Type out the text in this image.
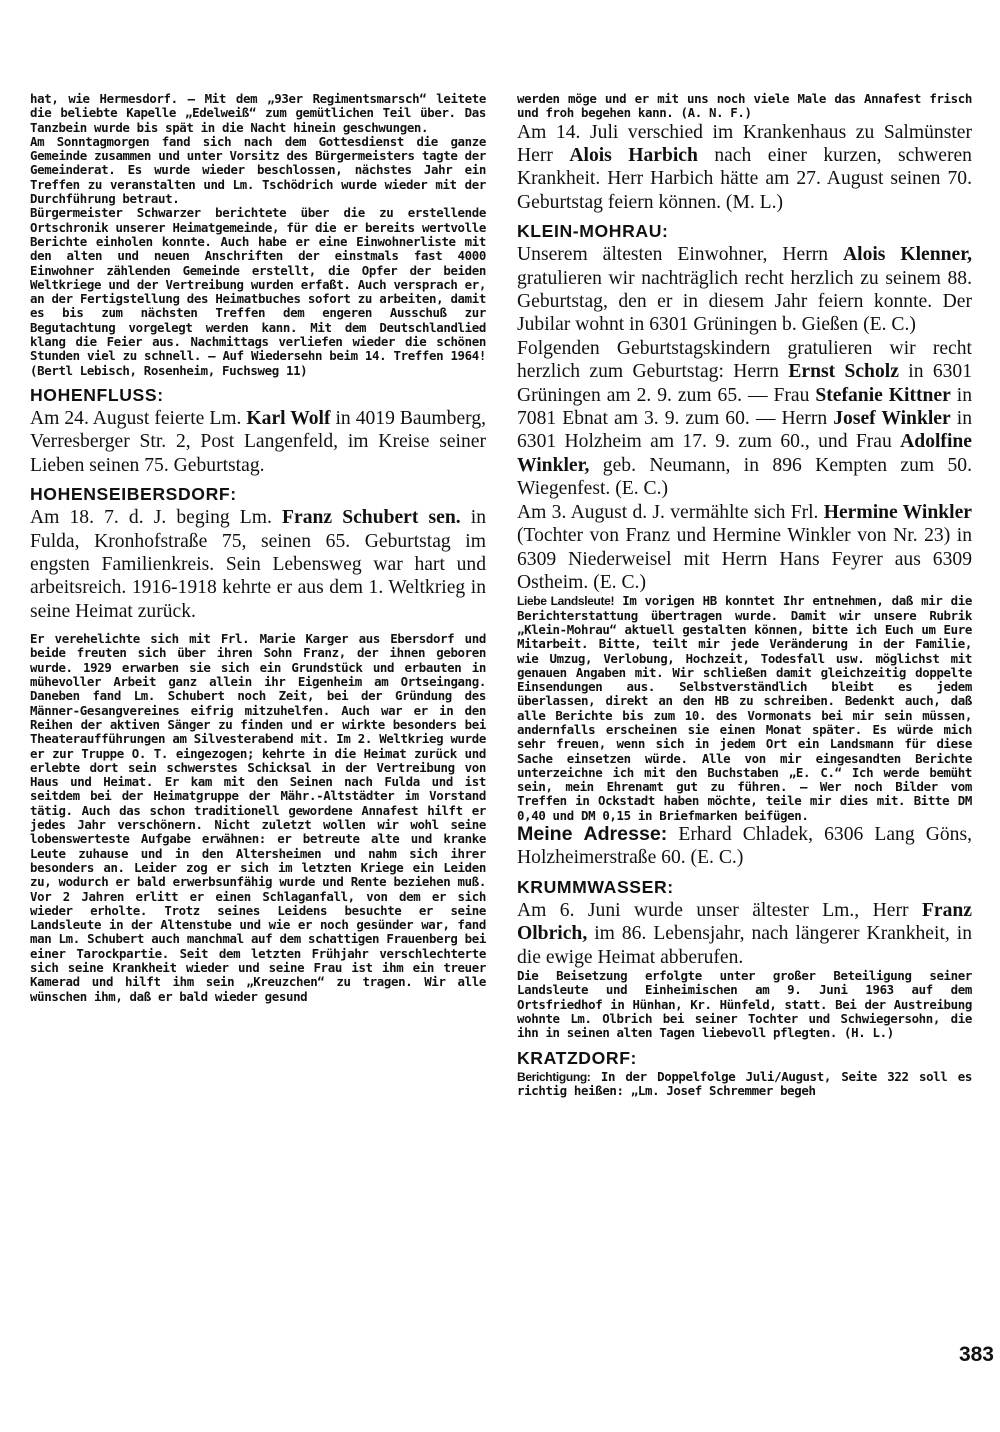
hat, wie Hermesdorf. — Mit dem „93er Regimentsmarsch“ leitete die beliebte Kapelle „Edelweiß“ zum gemütlichen Teil über. Das Tanzbein wurde bis spät in die Nacht hinein geschwungen.

Am Sonntagmorgen fand sich nach dem Gottesdienst die ganze Gemeinde zusammen und unter Vorsitz des Bürgermeisters tagte der Gemeinderat. Es wurde wieder beschlossen, nächstes Jahr ein Treffen zu veranstalten und Lm. Tschödrich wurde wieder mit der Durchführung betraut.

Bürgermeister Schwarzer berichtete über die zu erstellende Ortschronik unserer Heimatgemeinde, für die er bereits wertvolle Berichte einholen konnte. Auch habe er eine Einwohnerliste mit den alten und neuen Anschriften der einstmals fast 4000 Einwohner zählenden Gemeinde erstellt, die Opfer der beiden Weltkriege und der Vertreibung wurden erfaßt. Auch versprach er, an der Fertigstellung des Heimatbuches sofort zu arbeiten, damit es bis zum nächsten Treffen dem engeren Ausschuß zur Begutachtung vorgelegt werden kann. Mit dem Deutschlandlied klang die Feier aus. Nachmittags verliefen wieder die schönen Stunden viel zu schnell. — Auf Wiedersehn beim 14. Treffen 1964! (Bertl Lebisch, Rosenheim, Fuchsweg 11)

HOHENFLUSS:

Am 24. August feierte Lm. Karl Wolf in 4019 Baumberg, Verresberger Str. 2, Post Langenfeld, im Kreise seiner Lieben seinen 75. Geburtstag.

HOHENSEIBERSDORF:

Am 18. 7. d. J. beging Lm. Franz Schubert sen. in Fulda, Kronhofstraße 75, seinen 65. Geburtstag im engsten Familienkreis. Sein Lebensweg war hart und arbeitsreich. 1916-1918 kehrte er aus dem 1. Weltkrieg in seine Heimat zurück.

Er verehelichte sich mit Frl. Marie Karger aus Ebersdorf und beide freuten sich über ihren Sohn Franz, der ihnen geboren wurde. 1929 erwarben sie sich ein Grundstück und erbauten in mühevoller Arbeit ganz allein ihr Eigenheim am Ortseingang. Daneben fand Lm. Schubert noch Zeit, bei der Gründung des Männer-Gesangvereines eifrig mitzuhelfen. Auch war er in den Reihen der aktiven Sänger zu finden und er wirkte besonders bei Theateraufführungen am Silvesterabend mit. Im 2. Weltkrieg wurde er zur Truppe O. T. eingezogen; kehrte in die Heimat zurück und erlebte dort sein schwerstes Schicksal in der Vertreibung von Haus und Heimat. Er kam mit den Seinen nach Fulda und ist seitdem bei der Heimatgruppe der Mähr.-Altstädter im Vorstand tätig. Auch das schon traditionell gewordene Annafest hilft er jedes Jahr verschönern. Nicht zuletzt wollen wir wohl seine lobenswerteste Aufgabe erwähnen: er betreute alte und kranke Leute zuhause und in den Altersheimen und nahm sich ihrer besonders an. Leider zog er sich im letzten Kriege ein Leiden zu, wodurch er bald erwerbsunfähig wurde und Rente beziehen muß. Vor 2 Jahren erlitt er einen Schlaganfall, von dem er sich wieder erholte. Trotz seines Leidens besuchte er seine Landsleute in der Altenstube und wie er noch gesünder war, fand man Lm. Schubert auch manchmal auf dem schattigen Frauenberg bei einer Tarockpartie. Seit dem letzten Frühjahr verschlechterte sich seine Krankheit wieder und seine Frau ist ihm ein treuer Kamerad und hilft ihm sein „Kreuzchen“ zu tragen. Wir alle wünschen ihm, daß er bald wieder gesund

werden möge und er mit uns noch viele Male das Annafest frisch und froh begehen kann. (A. N. F.)

Am 14. Juli verschied im Krankenhaus zu Salmünster Herr Alois Harbich nach einer kurzen, schweren Krankheit. Herr Harbich hätte am 27. August seinen 70. Geburtstag feiern können. (M. L.)

KLEIN-MOHRAU:

Unserem ältesten Einwohner, Herrn Alois Klenner, gratulieren wir nachträglich recht herzlich zu seinem 88. Geburtstag, den er in diesem Jahr feiern konnte. Der Jubilar wohnt in 6301 Grüningen b. Gießen (E. C.)

Folgenden Geburtstagskindern gratulieren wir recht herzlich zum Geburtstag: Herrn Ernst Scholz in 6301 Grüningen am 2. 9. zum 65. — Frau Stefanie Kittner in 7081 Ebnat am 3. 9. zum 60. — Herrn Josef Winkler in 6301 Holzheim am 17. 9. zum 60., und Frau Adolfine Winkler, geb. Neumann, in 896 Kempten zum 50. Wiegenfest. (E. C.)

Am 3. August d. J. vermählte sich Frl. Hermine Winkler (Tochter von Franz und Hermine Winkler von Nr. 23) in 6309 Niederweisel mit Herrn Hans Feyrer aus 6309 Ostheim. (E. C.)

Liebe Landsleute! Im vorigen HB konntet Ihr entnehmen, daß mir die Berichterstattung übertragen wurde. Damit wir unsere Rubrik „Klein-Mohrau“ aktuell gestalten können, bitte ich Euch um Eure Mitarbeit. Bitte, teilt mir jede Veränderung in der Familie, wie Umzug, Verlobung, Hochzeit, Todesfall usw. möglichst mit genauen Angaben mit. Wir schließen damit gleichzeitig doppelte Einsendungen aus. Selbstverständlich bleibt es jedem überlassen, direkt an den HB zu schreiben. Bedenkt auch, daß alle Berichte bis zum 10. des Vormonats bei mir sein müssen, andernfalls erscheinen sie einen Monat später. Es würde mich sehr freuen, wenn sich in jedem Ort ein Landsmann für diese Sache einsetzen würde. Alle von mir eingesandten Berichte unterzeichne ich mit den Buchstaben „E. C.“ Ich werde bemüht sein, mein Ehrenamt gut zu führen. — Wer noch Bilder vom Treffen in Ockstadt haben möchte, teile mir dies mit. Bitte DM 0,40 und DM 0,15 in Briefmarken beifügen.

Meine Adresse: Erhard Chladek, 6306 Lang Göns, Holzheimerstraße 60. (E. C.)

KRUMMWASSER:

Am 6. Juni wurde unser ältester Lm., Herr Franz Olbrich, im 86. Lebensjahr, nach längerer Krankheit, in die ewige Heimat abberufen.

Die Beisetzung erfolgte unter großer Beteiligung seiner Landsleute und Einheimischen am 9. Juni 1963 auf dem Ortsfriedhof in Hünhan, Kr. Hünfeld, statt. Bei der Austreibung wohnte Lm. Olbrich bei seiner Tochter und Schwiegersohn, die ihn in seinen alten Tagen liebevoll pflegten. (H. L.)

KRATZDORF:

Berichtigung: In der Doppelfolge Juli/August, Seite 322 soll es richtig heißen: „Lm. Josef Schremmer begeh

383
